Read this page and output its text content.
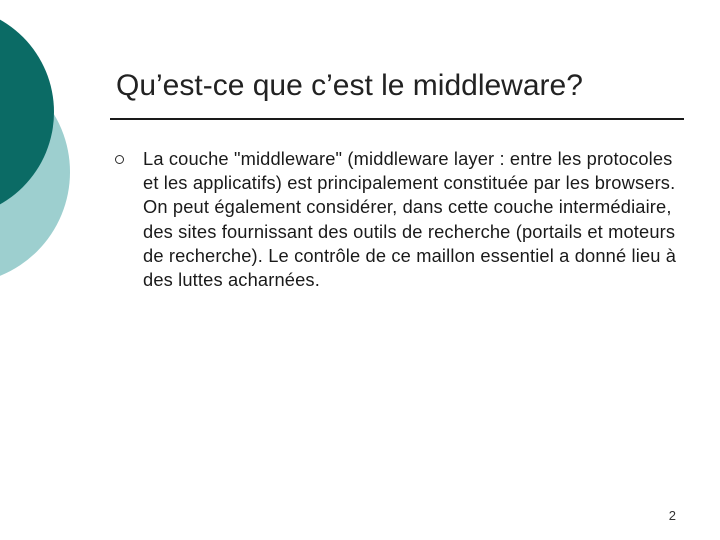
Qu’est-ce que c’est le middleware?
La couche "middleware" (middleware layer : entre les protocoles et les applicatifs) est principalement constituée par les browsers. On peut également considérer, dans cette couche intermédiaire, des sites fournissant des outils de recherche (portails et moteurs de recherche). Le contrôle de ce maillon essentiel a donné lieu à des luttes acharnées.
2
